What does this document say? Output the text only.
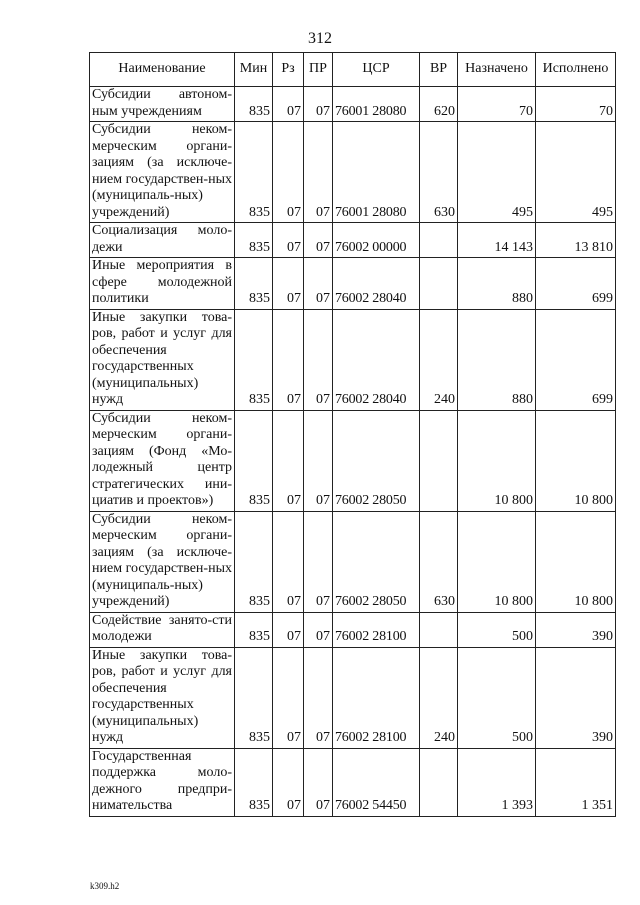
312
Наименование	Мин	Рз	ПР	ЦСР	ВР	Назначено	Исполнено
Субсидии автоном-ным учреждениям	835	07	07	76001 28080	620	70	70
Субсидии неком-мерческим органи-зациям (за исключе-нием государствен-ных (муниципаль-ных) учреждений)	835	07	07	76001 28080	630	495	495
Социализация моло-дежи	835	07	07	76002 00000		14 143	13 810
Иные мероприятия в сфере молодежной политики	835	07	07	76002 28040		880	699
Иные закупки това-ров, работ и услуг для обеспечения государственных (муниципальных) нужд	835	07	07	76002 28040	240	880	699
Субсидии неком-мерческим органи-зациям (Фонд «Мо-лодежный центр стратегических ини-циатив и проектов»)	835	07	07	76002 28050		10 800	10 800
Субсидии неком-мерческим органи-зациям (за исключе-нием государствен-ных (муниципаль-ных) учреждений)	835	07	07	76002 28050	630	10 800	10 800
Содействие занято-сти молодежи	835	07	07	76002 28100		500	390
Иные закупки това-ров, работ и услуг для обеспечения государственных (муниципальных) нужд	835	07	07	76002 28100	240	500	390
Государственная поддержка моло-дежного предпри-нимательства	835	07	07	76002 54450		1 393	1 351
k309.h2
